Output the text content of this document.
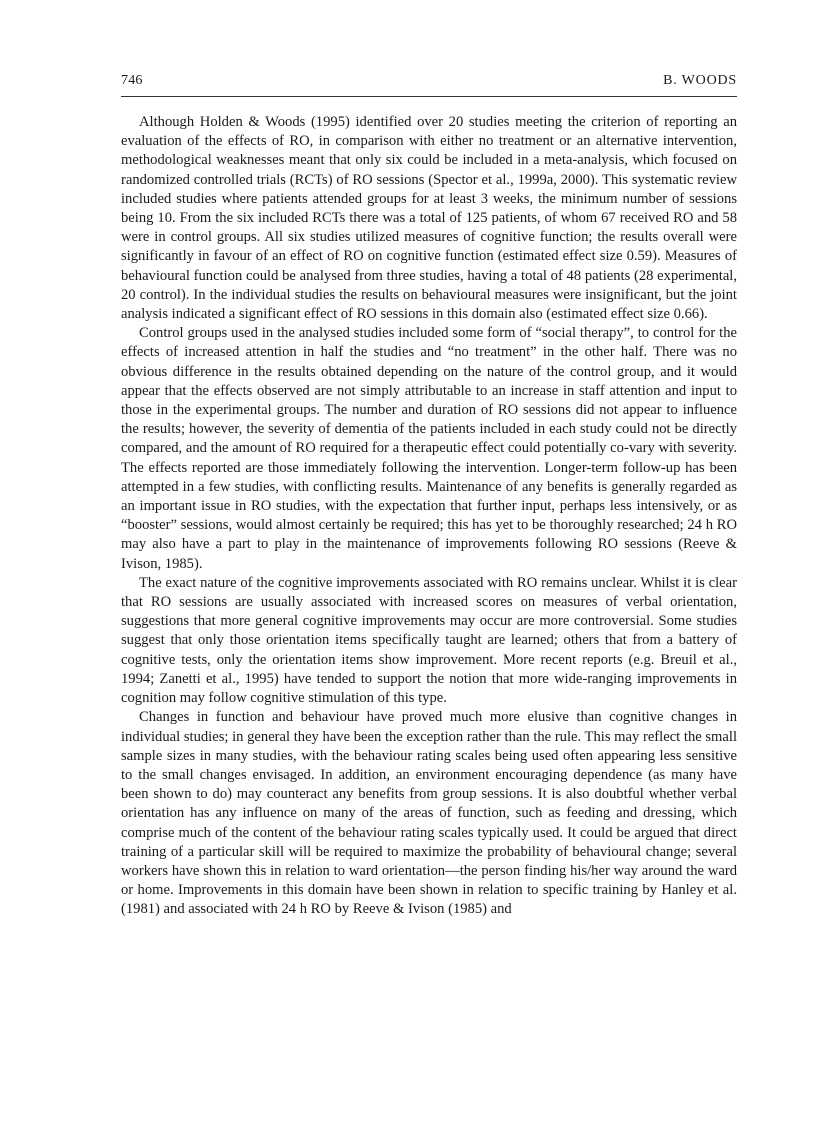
746	B. WOODS

Although Holden & Woods (1995) identified over 20 studies meeting the criterion of reporting an evaluation of the effects of RO, in comparison with either no treatment or an alternative intervention, methodological weaknesses meant that only six could be included in a meta-analysis, which focused on randomized controlled trials (RCTs) of RO sessions (Spector et al., 1999a, 2000). This systematic review included studies where patients attended groups for at least 3 weeks, the minimum number of sessions being 10. From the six included RCTs there was a total of 125 patients, of whom 67 received RO and 58 were in control groups. All six studies utilized measures of cognitive function; the results overall were significantly in favour of an effect of RO on cognitive function (estimated effect size 0.59). Measures of behavioural function could be analysed from three studies, having a total of 48 patients (28 experimental, 20 control). In the individual studies the results on behavioural measures were insignificant, but the joint analysis indicated a significant effect of RO sessions in this domain also (estimated effect size 0.66).

Control groups used in the analysed studies included some form of “social therapy”, to control for the effects of increased attention in half the studies and “no treatment” in the other half. There was no obvious difference in the results obtained depending on the nature of the control group, and it would appear that the effects observed are not simply attributable to an increase in staff attention and input to those in the experimental groups. The number and duration of RO sessions did not appear to influence the results; however, the severity of dementia of the patients included in each study could not be directly compared, and the amount of RO required for a therapeutic effect could potentially co-vary with severity. The effects reported are those immediately following the intervention. Longer-term follow-up has been attempted in a few studies, with conflicting results. Maintenance of any benefits is generally regarded as an important issue in RO studies, with the expectation that further input, perhaps less intensively, or as “booster” sessions, would almost certainly be required; this has yet to be thoroughly researched; 24 h RO may also have a part to play in the maintenance of improvements following RO sessions (Reeve & Ivison, 1985).

The exact nature of the cognitive improvements associated with RO remains unclear. Whilst it is clear that RO sessions are usually associated with increased scores on measures of verbal orientation, suggestions that more general cognitive improvements may occur are more controversial. Some studies suggest that only those orientation items specifically taught are learned; others that from a battery of cognitive tests, only the orientation items show improvement. More recent reports (e.g. Breuil et al., 1994; Zanetti et al., 1995) have tended to support the notion that more wide-ranging improvements in cognition may follow cognitive stimulation of this type.

Changes in function and behaviour have proved much more elusive than cognitive changes in individual studies; in general they have been the exception rather than the rule. This may reflect the small sample sizes in many studies, with the behaviour rating scales being used often appearing less sensitive to the small changes envisaged. In addition, an environment encouraging dependence (as many have been shown to do) may counteract any benefits from group sessions. It is also doubtful whether verbal orientation has any influence on many of the areas of function, such as feeding and dressing, which comprise much of the content of the behaviour rating scales typically used. It could be argued that direct training of a particular skill will be required to maximize the probability of behavioural change; several workers have shown this in relation to ward orientation—the person finding his/her way around the ward or home. Improvements in this domain have been shown in relation to specific training by Hanley et al. (1981) and associated with 24 h RO by Reeve & Ivison (1985) and
